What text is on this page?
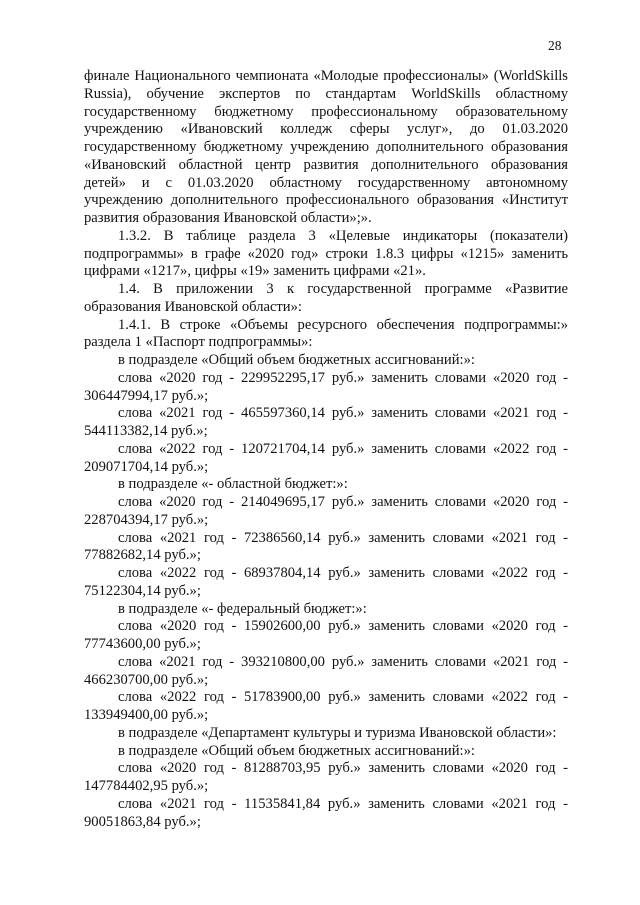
28

финале Национального чемпионата «Молодые профессионалы» (WorldSkills Russia), обучение экспертов по стандартам WorldSkills областному государственному бюджетному профессиональному образовательному учреждению «Ивановский колледж сферы услуг», до 01.03.2020 государственному бюджетному учреждению дополнительного образования «Ивановский областной центр развития дополнительного образования детей» и с 01.03.2020 областному государственному автономному учреждению дополнительного профессионального образования «Институт развития образования Ивановской области»;».

1.3.2. В таблице раздела 3 «Целевые индикаторы (показатели) подпрограммы» в графе «2020 год» строки 1.8.3 цифры «1215» заменить цифрами «1217», цифры «19» заменить цифрами «21».

1.4. В приложении 3 к государственной программе «Развитие образования Ивановской области»:

1.4.1. В строке «Объемы ресурсного обеспечения подпрограммы:» раздела 1 «Паспорт подпрограммы»:

в подразделе «Общий объем бюджетных ассигнований:»:

слова «2020 год - 229952295,17 руб.» заменить словами «2020 год - 306447994,17 руб.»;

слова «2021 год - 465597360,14 руб.» заменить словами «2021 год - 544113382,14 руб.»;

слова «2022 год - 120721704,14 руб.» заменить словами «2022 год - 209071704,14 руб.»;

в подразделе «- областной бюджет:»:

слова «2020 год - 214049695,17 руб.» заменить словами «2020 год - 228704394,17 руб.»;

слова «2021 год - 72386560,14 руб.» заменить словами «2021 год - 77882682,14 руб.»;

слова «2022 год - 68937804,14 руб.» заменить словами «2022 год - 75122304,14 руб.»;

в подразделе «- федеральный бюджет:»:

слова «2020 год - 15902600,00 руб.» заменить словами «2020 год - 77743600,00 руб.»;

слова «2021 год - 393210800,00 руб.» заменить словами «2021 год - 466230700,00 руб.»;

слова «2022 год - 51783900,00 руб.» заменить словами «2022 год - 133949400,00 руб.»;

в подразделе «Департамент культуры и туризма Ивановской области»:

в подразделе «Общий объем бюджетных ассигнований:»:

слова «2020 год - 81288703,95 руб.» заменить словами «2020 год - 147784402,95 руб.»;

слова «2021 год - 11535841,84 руб.» заменить словами «2021 год - 90051863,84 руб.»;
